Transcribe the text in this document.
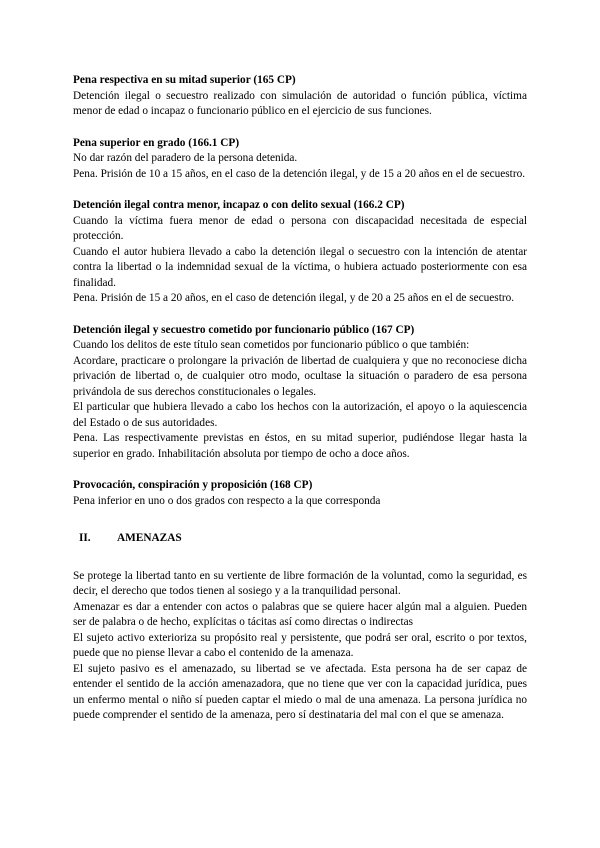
Pena respectiva en su mitad superior (165 CP)

Detención ilegal o secuestro realizado con simulación de autoridad o función pública, víctima menor de edad o incapaz o funcionario público en el ejercicio de sus funciones.

Pena superior en grado (166.1 CP)

No dar razón del paradero de la persona detenida.

Pena. Prisión de 10 a 15 años, en el caso de la detención ilegal, y de 15 a 20 años en el de secuestro.

Detención ilegal contra menor, incapaz o con delito sexual (166.2 CP)

Cuando la víctima fuera menor de edad o persona con discapacidad necesitada de especial protección.

Cuando el autor hubiera llevado a cabo la detención ilegal o secuestro con la intención de atentar contra la libertad o la indemnidad sexual de la víctima, o hubiera actuado posteriormente con esa finalidad.

Pena. Prisión de 15 a 20 años, en el caso de detención ilegal, y de 20 a 25 años en el de secuestro.

Detención ilegal y secuestro cometido por funcionario público (167 CP)

Cuando los delitos de este título sean cometidos por funcionario público o que también:

Acordare, practicare o prolongare la privación de libertad de cualquiera y que no reconociese dicha privación de libertad o, de cualquier otro modo, ocultase la situación o paradero de esa persona privándola de sus derechos constitucionales o legales.

El particular que hubiera llevado a cabo los hechos con la autorización, el apoyo o la aquiescencia del Estado o de sus autoridades.

Pena. Las respectivamente previstas en éstos, en su mitad superior, pudiéndose llegar hasta la superior en grado. Inhabilitación absoluta por tiempo de ocho a doce años.

Provocación, conspiración y proposición (168 CP)

Pena inferior en uno o dos grados con respecto a la que corresponda

II.	AMENAZAS

Se protege la libertad tanto en su vertiente de libre formación de la voluntad, como la seguridad, es decir, el derecho que todos tienen al sosiego y a la tranquilidad personal.

Amenazar es dar a entender con actos o palabras que se quiere hacer algún mal a alguien. Pueden ser de palabra o de hecho, explícitas o tácitas así como directas o indirectas

El sujeto activo exterioriza su propósito real y persistente, que podrá ser oral, escrito o por textos, puede que no piense llevar a cabo el contenido de la amenaza.

El sujeto pasivo es el amenazado, su libertad se ve afectada. Esta persona ha de ser capaz de entender el sentido de la acción amenazadora, que no tiene que ver con la capacidad jurídica, pues un enfermo mental o niño sí pueden captar el miedo o mal de una amenaza. La persona jurídica no puede comprender el sentido de la amenaza, pero sí destinataria del mal con el que se amenaza.
